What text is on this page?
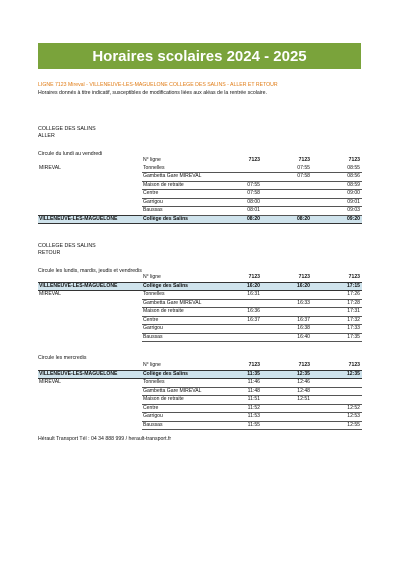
Horaires scolaires 2024 - 2025
LIGNE 7123 Mireval - VILLENEUVE-LES-MAGUELONE COLLEGE DES SALINS - ALLER ET RETOUR
Horaires donnés à titre indicatif, susceptibles de modifications liées aux aléas de la rentrée scolaire.
COLLEGE DES SALINS
ALLER
Circule du lundi au vendredi
	N° ligne	7123	7123	7123
MIREVAL	Tonnelles		07:55	08:55
	Gambetta Gare MIREVAL		07:58	08:56
	Maison de retraite	07:55		08:59
	Centre	07:58		09:00
	Garrigou	08:00		09:01
	Baussas	08:01		09:03
VILLENEUVE-LES-MAGUELONE	Collège des Salins	08:20	08:20	09:20
COLLEGE DES SALINS
RETOUR
Circule les lundis, mardis, jeudis et vendredis
	N° ligne	7123	7123	7123
VILLENEUVE-LES-MAGUELONE	Collège des Salins	16:20	16:20	17:15
MIREVAL	Tonnelles	16:31		17:26
	Gambetta Gare MIREVAL		16:33	17:28
	Maison de retraite	16:36		17:31
	Centre	16:37	16:37	17:32
	Garrigou		16:38	17:33
	Baussas		16:40	17:35
Circule les mercredis
	N° ligne	7123	7123	7123
VILLENEUVE-LES-MAGUELONE	Collège des Salins	11:35	12:35	12:35
MIREVAL	Tonnelles	11:46	12:46	
	Gambetta Gare MIREVAL	11:48	12:48	
	Maison de retraite	11:51	12:51	
	Centre	11:52		12:52
	Garrigou	11:53		12:53
	Baussas	11:55		12:55
Hérault Transport Tél : 04 34 888 999 / herault-transport.fr
